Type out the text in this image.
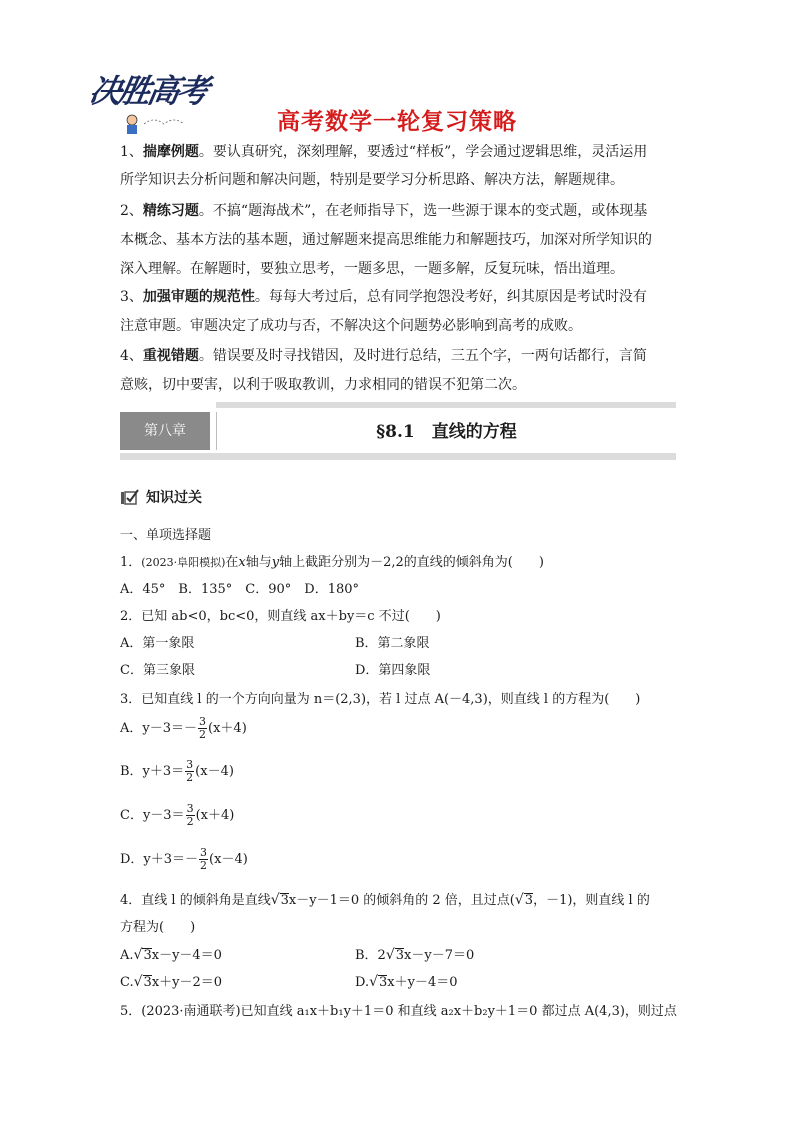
决胜高考
高考数学一轮复习策略
1、揣摩例题。要认真研究，深刻理解，要透过“样板”，学会通过逻辑思维，灵活运用
所学知识去分析问题和解决问题，特别是要学习分析思路、解决方法，解题规律。
2、精练习题。不搞“题海战术”，在老师指导下，选一些源于课本的变式题，或体现基
本概念、基本方法的基本题，通过解题来提高思维能力和解题技巧，加深对所学知识的
深入理解。在解题时，要独立思考，一题多思，一题多解，反复玩味，悟出道理。
3、加强审题的规范性。每每大考过后，总有同学抱怨没考好，纠其原因是考试时没有
注意审题。审题决定了成功与否，不解决这个问题势必影响到高考的成败。
4、重视错题。错误要及时寻找错因，及时进行总结，三五个字，一两句话都行，言简
意赅，切中要害，以利于吸取教训，力求相同的错误不犯第二次。
第八章	§8.1　直线的方程
知识过关
一、单项选择题
1．(2023·阜阳模拟)在x轴与y轴上截距分别为－2,2的直线的倾斜角为(　　)
A．45°　B．135°　C．90°　D．180°
2．已知 ab<0，bc<0，则直线 ax＋by＝c 不过(　　)
A．第一象限	B．第二象限
C．第三象限	D．第四象限
3．已知直线 l 的一个方向向量为 n＝(2,3)，若 l 过点 A(－4,3)，则直线 l 的方程为(　　)
A．$y-3=- \frac{3}{2} (x+4)$
B．$y+3= \frac{3}{2} (x-4)$
C．$y-3= \frac{3}{2} (x+4)$
D．$y+3=- \frac{3}{2} (x-4)$
4．直线 l 的倾斜角是直线√3x－y－1＝0 的倾斜角的 2 倍，且过点(√3，－1)，则直线 l 的
方程为(　　)
A.√3x－y－4＝0	B．2√3x－y－7＝0
C.√3x＋y－2＝0	D.√3x＋y－4＝0
5．(2023·南通联考)已知直线 a₁x＋b₁y＋1＝0 和直线 a₂x＋b₂y＋1＝0 都过点 A(4,3)，则过点
